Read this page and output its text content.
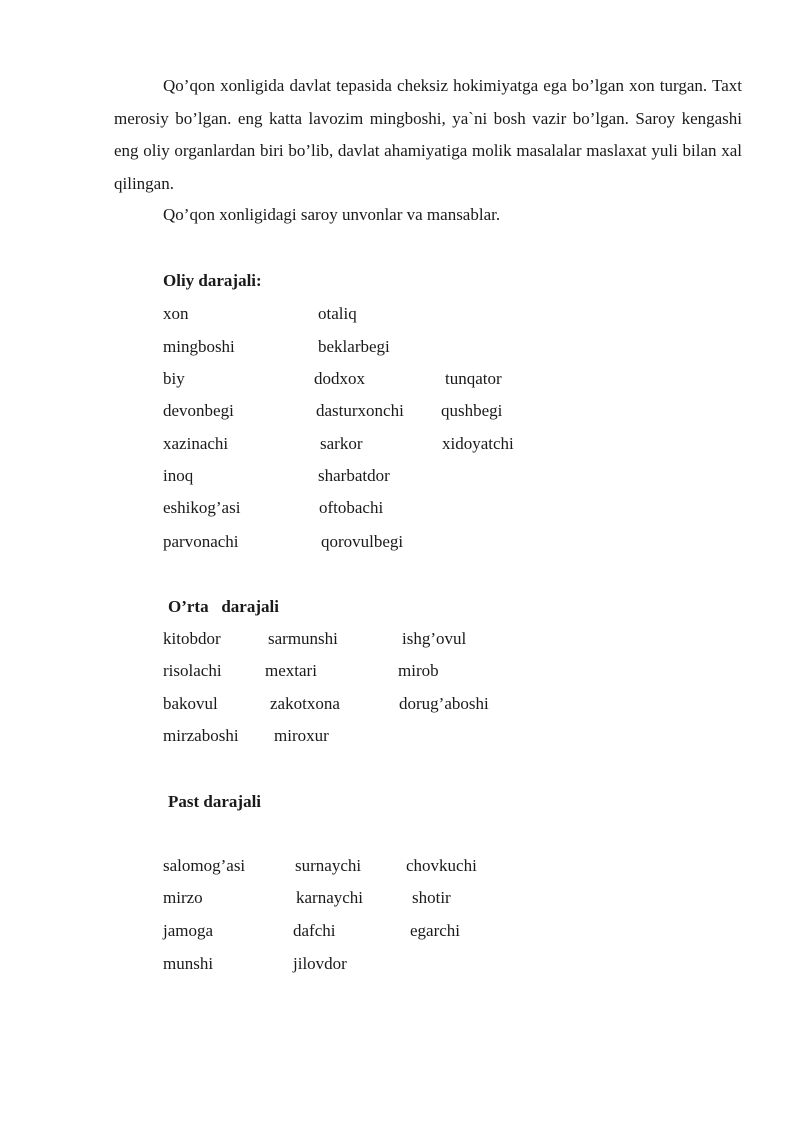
Qo’qon xonligida davlat tepasida cheksiz hokimiyatga ega bo’lgan xon turgan. Taxt merosiy bo’lgan. eng katta lavozim mingboshi, ya`ni bosh vazir bo’lgan. Saroy kengashi eng oliy organlardan biri bo’lib, davlat ahamiyatiga molik masalalar maslaxat yuli bilan xal qilingan.

Qo’qon xonligidagi saroy unvonlar va mansablar.

Oliy darajali:
xon	otaliq
mingboshi	beklarbegi
biy	dodxox	tunqator
devonbegi	dasturxonchi qushbegi
xazinachi	sarkor	xidoyatchi
inoq	sharbatdor
eshikog’asi	oftobachi
parvonachi	qorovulbegi
O’rta   darajali
kitobdor	sarmunshi	ishg’ovul
risolachi	mextari	mirob
bakovul	zakotxona	dorug’aboshi
mirzaboshi miroxur
Past darajali
salomog’asi	surnaychi	chovkuchi
mirzo	karnaychi	shotir
jamoga	dafchi	egarchi
munshi	jilovdor
